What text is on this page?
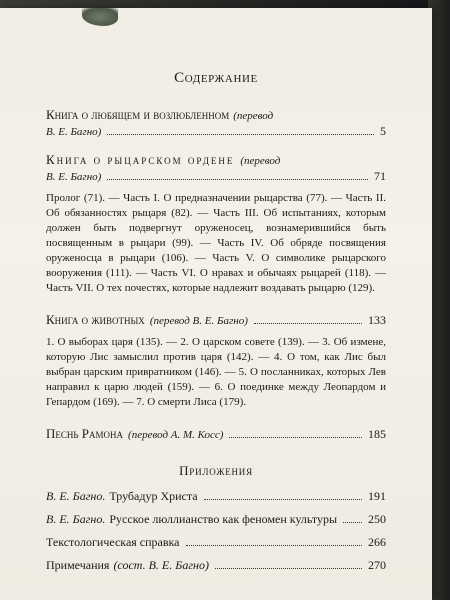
Содержание
Книга о любящем и возлюбленном (перевод
В. Е. Багно)	5
Книга о рыцарском ордене (перевод
В. Е. Багно)	71

Пролог (71). — Часть I. О предназначении рыцарства (77). — Часть II. Об обязанностях рыцаря (82). — Часть III. Об испытаниях, которым должен быть подвергнут оруженосец, вознамерившийся быть посвященным в рыцари (99). — Часть IV. Об обряде посвящения оруженосца в рыцари (106). — Часть V. О символике рыцарского вооружения (111). — Часть VI. О нравах и обычаях рыцарей (118). — Часть VII. О тех почестях, которые надлежит воздавать рыцарю (129).

Книга о животных (перевод В. Е. Багно)	133

1. О выборах царя (135). — 2. О царском совете (139). — 3. Об измене, которую Лис замыслил против царя (142). — 4. О том, как Лис был выбран царским привратником (146). — 5. О посланниках, которых Лев направил к царю людей (159). — 6. О поединке между Леопардом и Гепардом (169). — 7. О смерти Лиса (179).

Песнь Рамона (перевод А. М. Косс)	185
Приложения
В. Е. Багно. Трубадур Христа	191
В. Е. Багно. Русское люллианство как феномен культуры	250
Текстологическая справка	266
Примечания (сост. В. Е. Багно)	270
